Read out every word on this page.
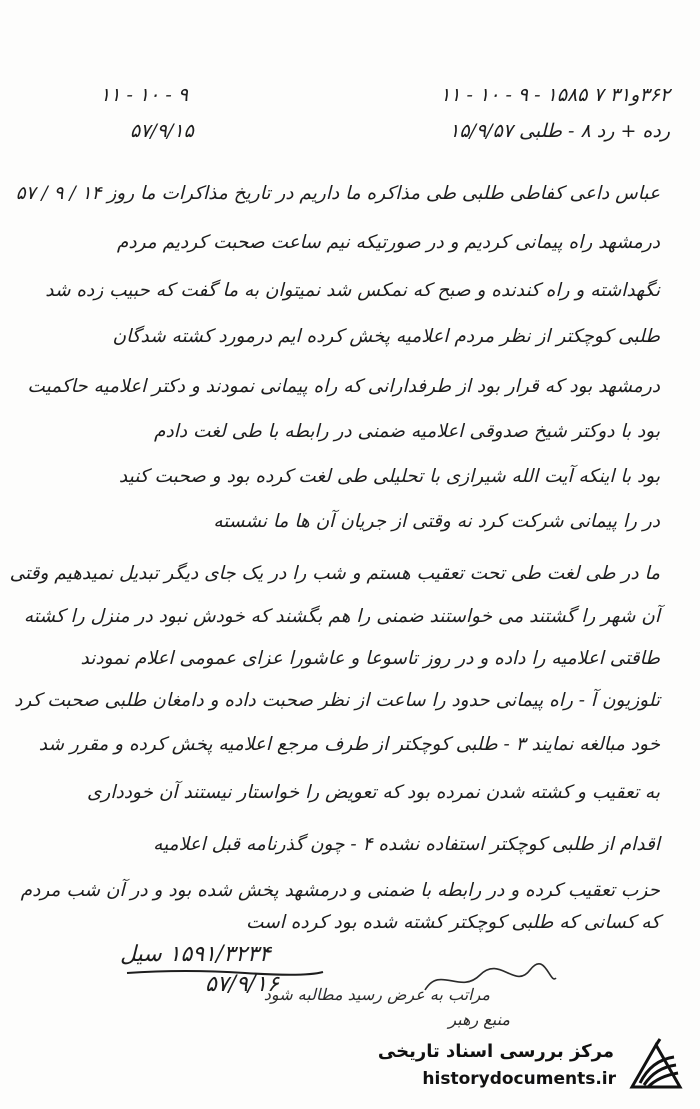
۳۶۲و۳۱ ۷ ۱۵۸۵ - ۹ - ۱۰ - ۱۱
رده + رد ۸ - طلبی ۱۵/۹/۵۷
۱۱ - ۱۰ - ۹
۵۷/۹/۱۵
عباس داعی کفاطی طلبی طی مذاکره ما داریم در تاریخ مذاکرات ما روز ۱۴ / ۹ / ۵۷
درمشهد راه پیمانی کردیم و در صورتیکه نیم ساعت صحبت کردیم مردم
نگهداشته و راه کندنده و صبح که نمکس شد نمیتوان به ما گفت که حبیب زده شد
طلبی کوچکتر از نظر مردم اعلامیه پخش کرده ایم درمورد کشته شدگان
درمشهد بود که قرار بود از طرفدارانی که راه پیمانی نمودند و دکتر اعلامیه حاکمیت
بود با دوکتر شیخ صدوقی اعلامیه ضمنی در رابطه با طی لغت دادم
بود با اینکه آیت الله شیرازی با تحلیلی طی لغت کرده بود و صحبت کنید
در را پیمانی شرکت کرد نه وقتی از جریان آن ها ما نشسته
ما در طی لغت طی تحت تعقیب هستم و شب را در یک جای دیگر تبدیل نمیدهیم وقتی
آن شهر را گشتند می خواستند ضمنی را هم بگشند که خودش نبود در منزل را کشته
طاقتی اعلامیه را داده و در روز تاسوعا و عاشورا عزای عمومی اعلام نمودند
تلوزیون آ - راه پیمانی حدود را ساعت از نظر صحبت داده و دامغان طلبی صحبت کرد
خود مبالغه نمایند ۳ - طلبی کوچکتر از طرف مرجع اعلامیه پخش کرده و مقرر شد
به تعقیب و کشته شدن نمرده بود که تعویض را خواستار نیستند آن خودداری
اقدام از طلبی کوچکتر استفاده نشده ۴ - چون گذرنامه قبل اعلامیه
حزب تعقیب کرده و در رابطه با ضمنی و درمشهد پخش شده بود و در آن شب مردم
که کسانی که طلبی کوچکتر کشته شده بود کرده است
۱۵۹۱/۳۲۳۴ سیل
۵۷/۹/۱۶
مراتب به عرض رسید مطالبه شود
منبع رهبر
مرکز بررسی اسناد تاریخی
historydocuments.ir
